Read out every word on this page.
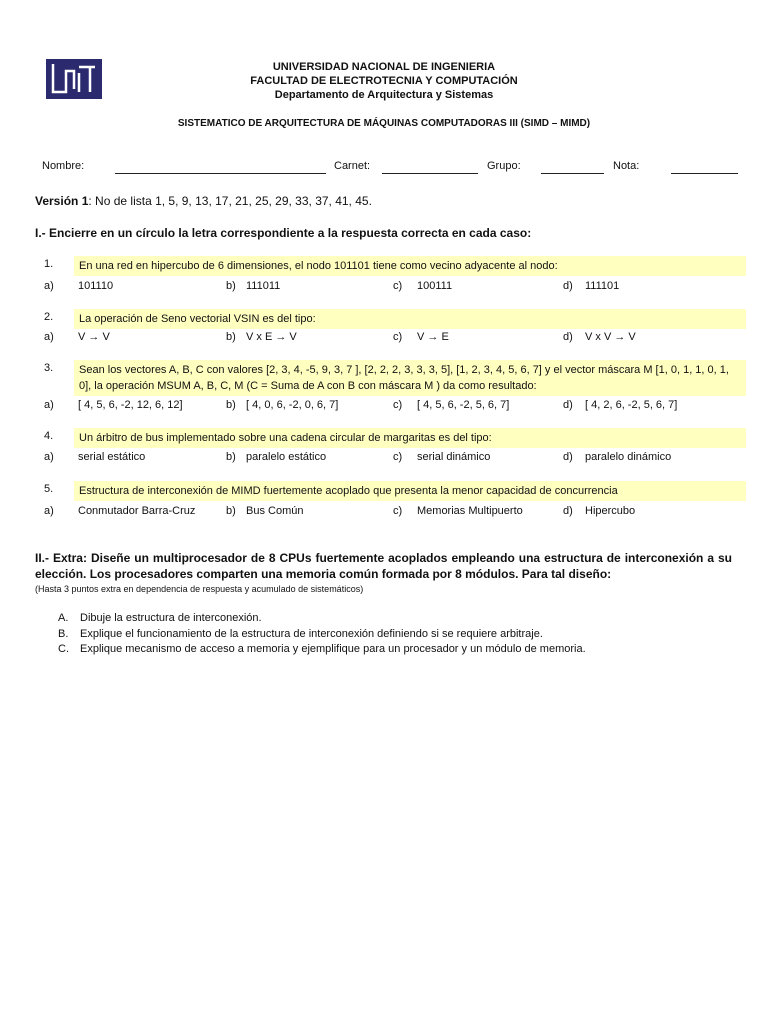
UNIVERSIDAD NACIONAL DE INGENIERIA
FACULTAD DE ELECTROTECNIA Y COMPUTACIÓN
Departamento de Arquitectura y Sistemas
SISTEMATICO DE ARQUITECTURA DE MÁQUINAS COMPUTADORAS III (SIMD – MIMD)
Nombre:	Carnet:	Grupo:	Nota:
Versión 1: No de lista 1, 5, 9, 13, 17, 21, 25, 29, 33, 37, 41, 45.
I.- Encierre en un círculo la letra correspondiente a la respuesta correcta en cada caso:
1.	En una red en hipercubo de 6 dimensiones, el nodo 101101 tiene como vecino adyacente al nodo:
a) 101110	b) 111011	c) 100111	d) 111101
2.	La operación de Seno vectorial VSIN es del tipo:
a) V → V	b) V x E → V	c) V → E	d) V x V → V
3.	Sean los vectores A, B, C con valores [2, 3, 4, -5, 9, 3, 7 ], [2, 2, 2, 3, 3, 3, 5], [1, 2, 3, 4, 5, 6, 7] y el vector máscara M [1, 0, 1, 1, 0, 1, 0], la operación MSUM A, B, C, M (C = Suma de A con B con máscara M ) da como resultado:
a) [ 4, 5, 6, -2, 12, 6, 12]	b) [ 4, 0, 6, -2, 0, 6, 7]	c) [ 4, 5, 6, -2, 5, 6, 7]	d) [ 4, 2, 6, -2, 5, 6, 7]
4.	Un árbitro de bus implementado sobre una cadena circular de margaritas es del tipo:
a) serial estático	b) paralelo estático	c) serial dinámico	d) paralelo dinámico
5.	Estructura de interconexión de MIMD fuertemente acoplado que presenta la menor capacidad de concurrencia
a) Conmutador Barra-Cruz	b) Bus Común	c) Memorias Multipuerto	d) Hipercubo
II.- Extra: Diseñe un multiprocesador de 8 CPUs fuertemente acoplados empleando una estructura de interconexión a su elección. Los procesadores comparten una memoria común formada por 8 módulos. Para tal diseño:
(Hasta 3 puntos extra en dependencia de respuesta y acumulado de sistemáticos)
A. Dibuje la estructura de interconexión.
B. Explique el funcionamiento de la estructura de interconexión definiendo si se requiere arbitraje.
C. Explique mecanismo de acceso a memoria y ejemplifique para un procesador y un módulo de memoria.
